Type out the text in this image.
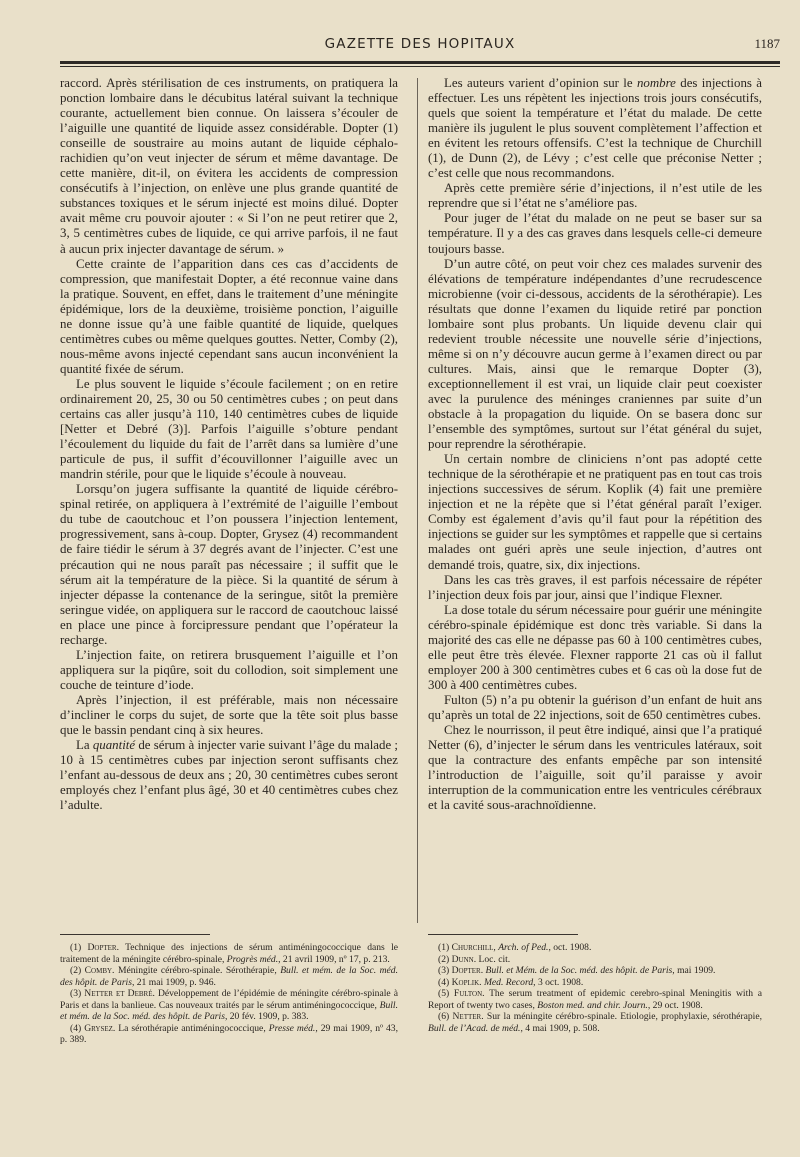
GAZETTE DES HOPITAUX	1187

raccord. Après stérilisation de ces instruments, on pratiquera la ponction lombaire dans le décubitus latéral suivant la technique courante, actuellement bien connue. On laissera s’écouler de l’aiguille une quantité de liquide assez considérable. Dopter (1) conseille de soustraire au moins autant de liquide céphalo-rachidien qu’on veut injecter de sérum et même davantage. De cette manière, dit-il, on évitera les accidents de compression consécutifs à l’injection, on enlève une plus grande quantité de substances toxiques et le sérum injecté est moins dilué. Dopter avait même cru pouvoir ajouter : « Si l’on ne peut retirer que 2, 3, 5 centimètres cubes de liquide, ce qui arrive parfois, il ne faut à aucun prix injecter davantage de sérum. »

Cette crainte de l’apparition dans ces cas d’accidents de compression, que manifestait Dopter, a été reconnue vaine dans la pratique. Souvent, en effet, dans le traitement d’une méningite épidémique, lors de la deuxième, troisième ponction, l’aiguille ne donne issue qu’à une faible quantité de liquide, quelques centimètres cubes ou même quelques gouttes. Netter, Comby (2), nous-même avons injecté cependant sans aucun inconvénient la quantité fixée de sérum.

Le plus souvent le liquide s’écoule facilement ; on en retire ordinairement 20, 25, 30 ou 50 centimètres cubes ; on peut dans certains cas aller jusqu’à 110, 140 centimètres cubes de liquide [Netter et Debré (3)]. Parfois l’aiguille s’obture pendant l’écoulement du liquide du fait de l’arrêt dans sa lumière d’une particule de pus, il suffit d’écouvillonner l’aiguille avec un mandrin stérile, pour que le liquide s’écoule à nouveau.

Lorsqu’on jugera suffisante la quantité de liquide cérébro-spinal retirée, on appliquera à l’extrémité de l’aiguille l’embout du tube de caoutchouc et l’on poussera l’injection lentement, progressivement, sans à-coup. Dopter, Grysez (4) recommandent de faire tiédir le sérum à 37 degrés avant de l’injecter. C’est une précaution qui ne nous paraît pas nécessaire ; il suffit que le sérum ait la température de la pièce. Si la quantité de sérum à injecter dépasse la contenance de la seringue, sitôt la première seringue vidée, on appliquera sur le raccord de caoutchouc laissé en place une pince à forcipressure pendant que l’opérateur la recharge.

L’injection faite, on retirera brusquement l’aiguille et l’on appliquera sur la piqûre, soit du collodion, soit simplement une couche de teinture d’iode.

Après l’injection, il est préférable, mais non nécessaire d’incliner le corps du sujet, de sorte que la tête soit plus basse que le bassin pendant cinq à six heures.

La quantité de sérum à injecter varie suivant l’âge du malade ; 10 à 15 centimètres cubes par injection seront suffisants chez l’enfant au-dessous de deux ans ; 20, 30 centimètres cubes seront employés chez l’enfant plus âgé, 30 et 40 centimètres cubes chez l’adulte.

Les auteurs varient d’opinion sur le nombre des injections à effectuer. Les uns répètent les injections trois jours consécutifs, quels que soient la température et l’état du malade. De cette manière ils jugulent le plus souvent complètement l’affection et en évitent les retours offensifs. C’est la technique de Churchill (1), de Dunn (2), de Lévy ; c’est celle que préconise Netter ; c’est celle que nous recommandons.

Après cette première série d’injections, il n’est utile de les reprendre que si l’état ne s’améliore pas.

Pour juger de l’état du malade on ne peut se baser sur sa température. Il y a des cas graves dans lesquels celle-ci demeure toujours basse.

D’un autre côté, on peut voir chez ces malades survenir des élévations de température indépendantes d’une recrudescence microbienne (voir ci-dessous, accidents de la sérothérapie). Les résultats que donne l’examen du liquide retiré par ponction lombaire sont plus probants. Un liquide devenu clair qui redevient trouble nécessite une nouvelle série d’injections, même si on n’y découvre aucun germe à l’examen direct ou par cultures. Mais, ainsi que le remarque Dopter (3), exceptionnellement il est vrai, un liquide clair peut coexister avec la purulence des méninges craniennes par suite d’un obstacle à la propagation du liquide. On se basera donc sur l’ensemble des symptômes, surtout sur l’état général du sujet, pour reprendre la sérothérapie.

Un certain nombre de cliniciens n’ont pas adopté cette technique de la sérothérapie et ne pratiquent pas en tout cas trois injections successives de sérum. Koplik (4) fait une première injection et ne la répète que si l’état général paraît l’exiger. Comby est également d’avis qu’il faut pour la répétition des injections se guider sur les symptômes et rappelle que si certains malades ont guéri après une seule injection, d’autres ont demandé trois, quatre, six, dix injections.

Dans les cas très graves, il est parfois nécessaire de répéter l’injection deux fois par jour, ainsi que l’indique Flexner.

La dose totale du sérum nécessaire pour guérir une méningite cérébro-spinale épidémique est donc très variable. Si dans la majorité des cas elle ne dépasse pas 60 à 100 centimètres cubes, elle peut être très élevée. Flexner rapporte 21 cas où il fallut employer 200 à 300 centimètres cubes et 6 cas où la dose fut de 300 à 400 centimètres cubes.

Fulton (5) n’a pu obtenir la guérison d’un enfant de huit ans qu’après un total de 22 injections, soit de 650 centimètres cubes.

Chez le nourrisson, il peut être indiqué, ainsi que l’a pratiqué Netter (6), d’injecter le sérum dans les ventricules latéraux, soit que la contracture des enfants empêche par son intensité l’introduction de l’aiguille, soit qu’il paraisse y avoir interruption de la communication entre les ventricules cérébraux et la cavité sous-arachnoïdienne.

(1) Dopter. Technique des injections de sérum antiméningococcique dans le traitement de la méningite cérébro-spinale, Progrès méd., 21 avril 1909, nº 17, p. 213.

(2) Comby. Méningite cérébro-spinale. Sérothérapie, Bull. et mém. de la Soc. méd. des hôpit. de Paris, 21 mai 1909, p. 946.

(3) Netter et Debré. Développement de l’épidémie de méningite cérébro-spinale à Paris et dans la banlieue. Cas nouveaux traités par le sérum antiméningococcique, Bull. et mém. de la Soc. méd. des hôpit. de Paris, 20 fév. 1909, p. 383.

(4) Grysez. La sérothérapie antiméningococcique, Presse méd., 29 mai 1909, nº 43, p. 389.

(1) Churchill, Arch. of Ped., oct. 1908.

(2) Dunn. Loc. cit.

(3) Dopter. Bull. et Mém. de la Soc. méd. des hôpit. de Paris, mai 1909.

(4) Koplik. Med. Record, 3 oct. 1908.

(5) Fulton. The serum treatment of epidemic cerebro-spinal Meningitis with a Report of twenty two cases, Boston med. and chir. Journ., 29 oct. 1908.

(6) Netter. Sur la méningite cérébro-spinale. Etiologie, prophylaxie, sérothérapie, Bull. de l’Acad. de méd., 4 mai 1909, p. 508.
